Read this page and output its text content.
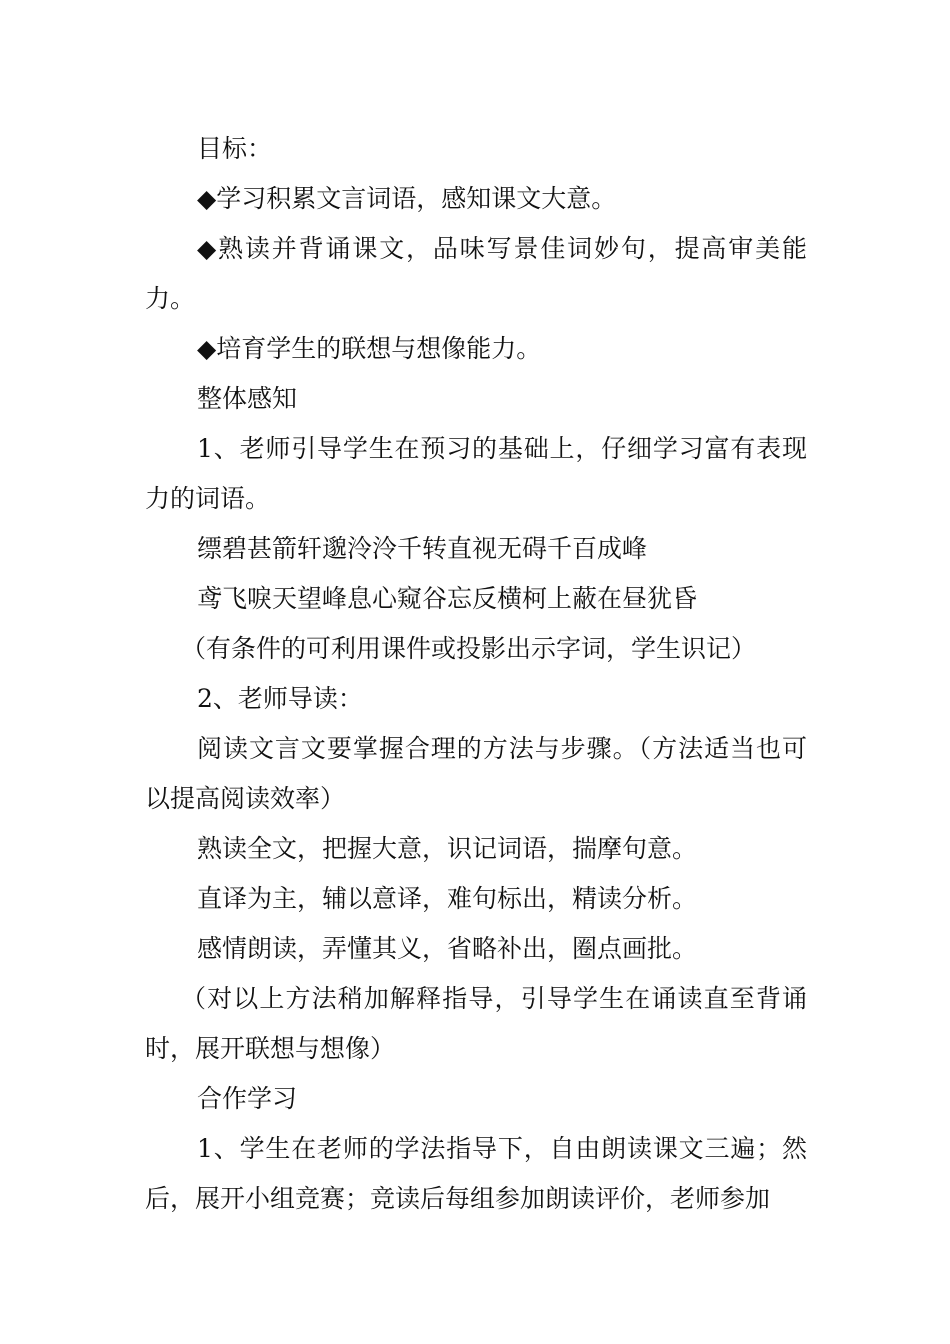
目标：

◆学习积累文言词语，感知课文大意。

◆熟读并背诵课文，品味写景佳词妙句，提高审美能力。

◆培育学生的联想与想像能力。

整体感知

1、老师引导学生在预习的基础上，仔细学习富有表现力的词语。

缥碧甚箭轩邈泠泠千转直视无碍千百成峰

鸢飞唳天望峰息心窥谷忘反横柯上蔽在昼犹昏

（有条件的可利用课件或投影出示字词，学生识记）

2、老师导读：

阅读文言文要掌握合理的方法与步骤。（方法适当也可以提高阅读效率）

熟读全文，把握大意，识记词语，揣摩句意。

直译为主，辅以意译，难句标出，精读分析。

感情朗读，弄懂其义，省略补出，圈点画批。

（对以上方法稍加解释指导，引导学生在诵读直至背诵时，展开联想与想像）

合作学习

1、学生在老师的学法指导下，自由朗读课文三遍；然后，展开小组竞赛；竞读后每组参加朗读评价，老师参加
